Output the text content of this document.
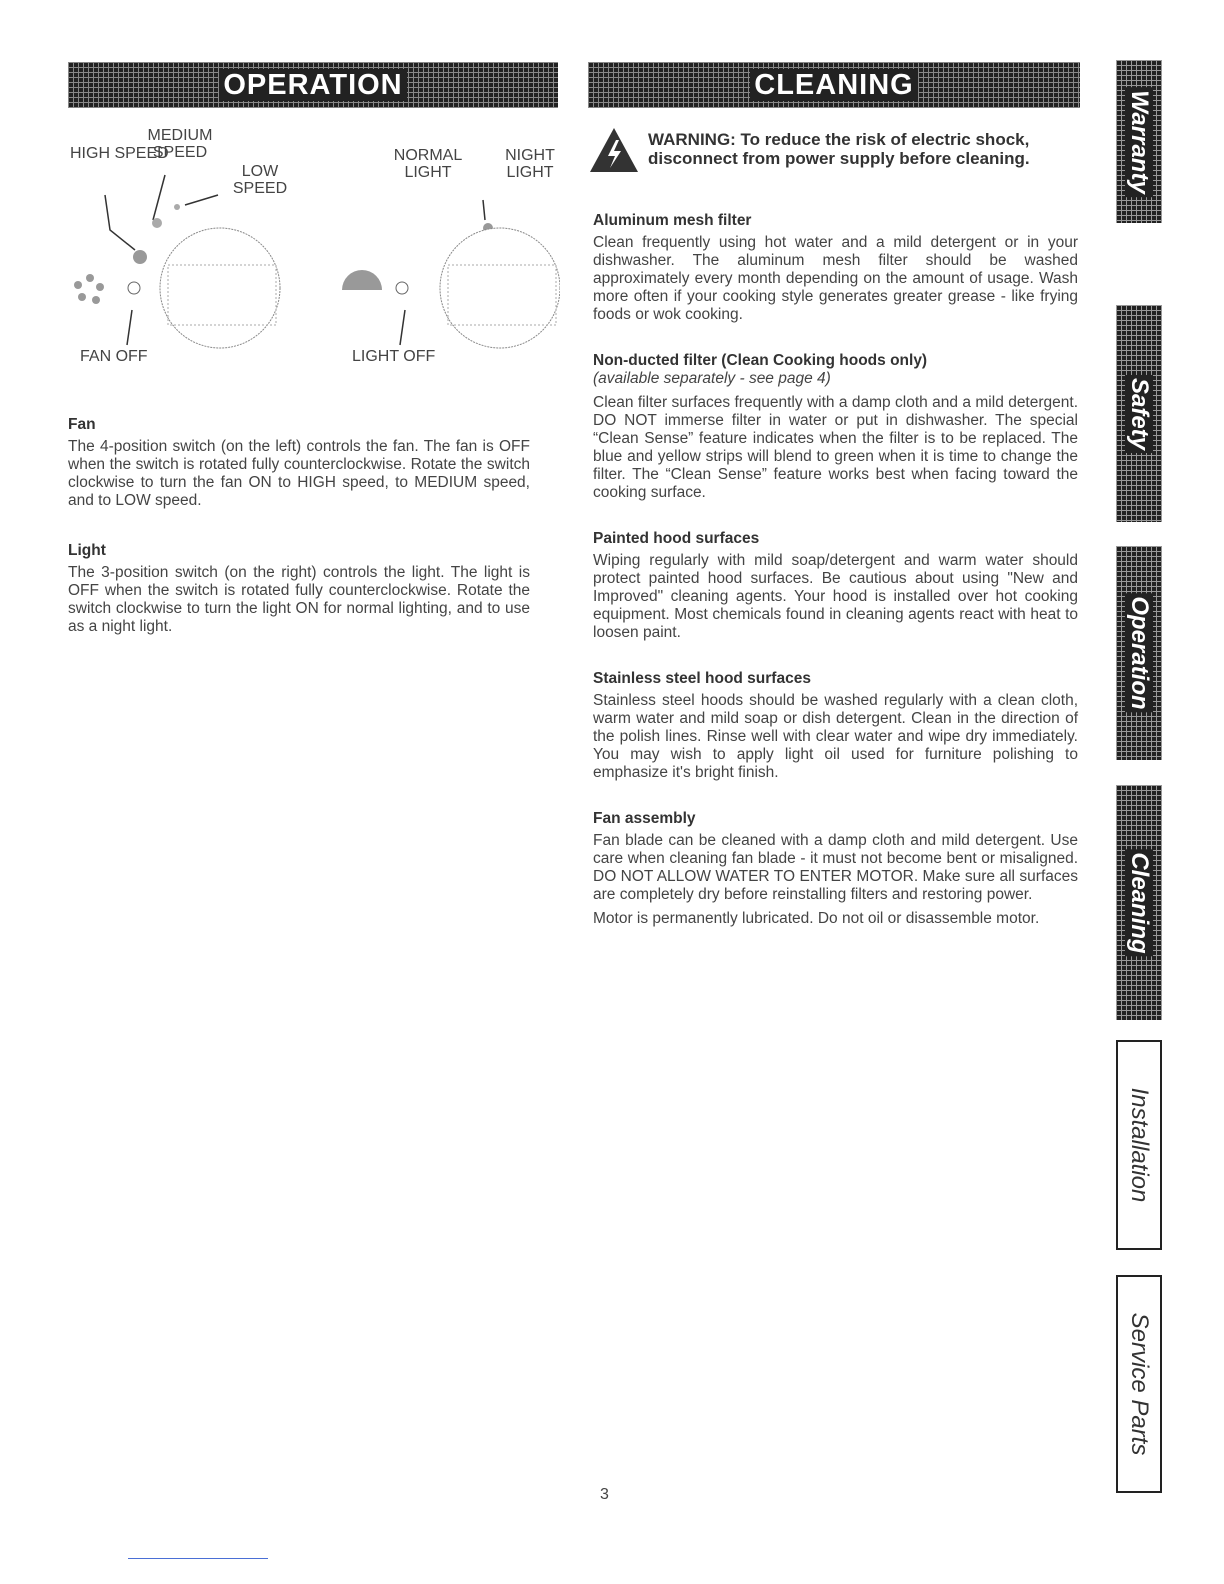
OPERATION	CLEANING
HIGH SPEED
MEDIUM SPEED
LOW SPEED
FAN OFF
NORMAL LIGHT
NIGHT LIGHT
LIGHT OFF
Fan

The 4-position switch (on the left) controls the fan. The fan is OFF when the switch is rotated fully counterclockwise. Rotate the switch clockwise to turn the fan ON to HIGH speed, to MEDIUM speed, and to LOW speed.

Light

The 3-position switch (on the right) controls the light. The light is OFF when the switch is rotated fully counterclockwise. Rotate the switch clockwise to turn the light ON for normal lighting, and to use as a night light.

WARNING: To reduce the risk of electric shock, disconnect from power supply before cleaning.
Aluminum mesh filter

Clean frequently using hot water and a mild detergent or in your dishwasher. The aluminum mesh filter should be washed approximately every month depending on the amount of usage. Wash more often if your cooking style generates greater grease - like frying foods or wok cooking.

Non-ducted filter (Clean Cooking hoods only)

(available separately - see page 4)

Clean filter surfaces frequently with a damp cloth and a mild detergent. DO NOT immerse filter in water or put in dishwasher. The special “Clean Sense” feature indicates when the filter is to be replaced. The blue and yellow strips will blend to green when it is time to change the filter. The “Clean Sense” feature works best when facing toward the cooking surface.

Painted hood surfaces

Wiping regularly with mild soap/detergent and warm water should protect painted hood surfaces. Be cautious about using "New and Improved" cleaning agents. Your hood is installed over hot cooking equipment. Most chemicals found in cleaning agents react with heat to loosen paint.

Stainless steel hood surfaces

Stainless steel hoods should be washed regularly with a clean cloth, warm water and mild soap or dish detergent. Clean in the direction of the polish lines. Rinse well with clear water and wipe dry immediately. You may wish to apply light oil used for furniture polishing to emphasize it's bright finish.

Fan assembly

Fan blade can be cleaned with a damp cloth and mild detergent. Use care when cleaning fan blade - it must not become bent or misaligned. DO NOT ALLOW WATER TO ENTER MOTOR. Make sure all surfaces are completely dry before reinstalling filters and restoring power.

Motor is permanently lubricated. Do not oil or disassemble motor.

Warranty
Safety
Operation
Cleaning
Installation
Service Parts
3
